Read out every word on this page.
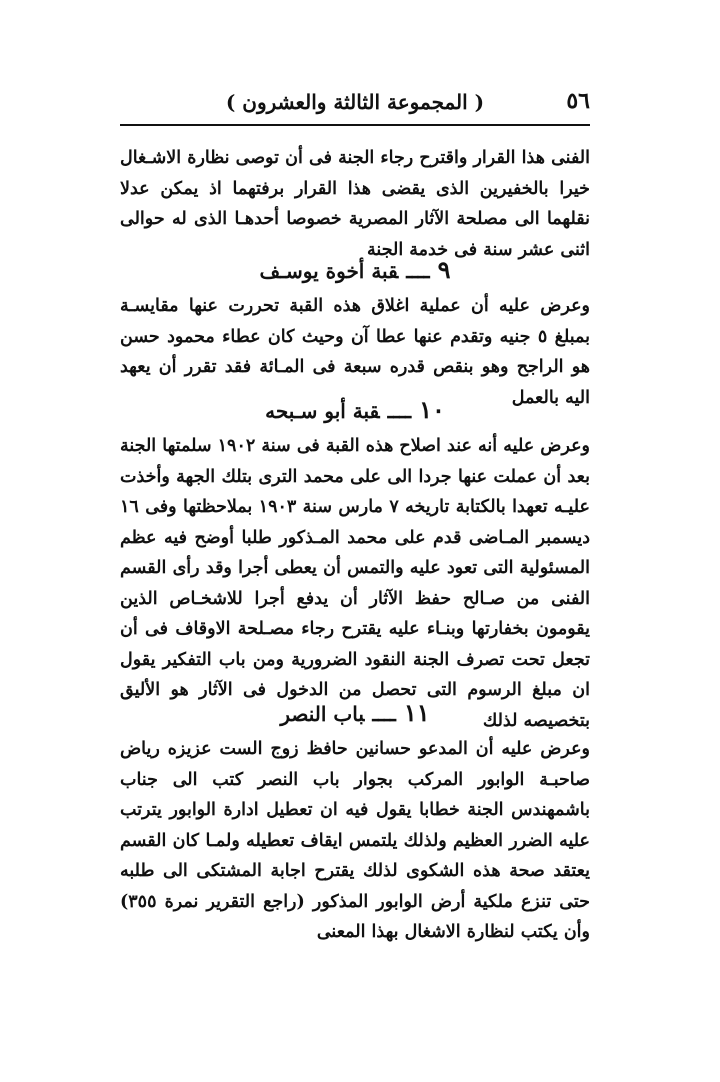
٥٦
( المجموعة الثالثة والعشرون )

الفنى هذا القرار واقترح رجاء الجنة فى أن توصى نظارة الاشـغال خيرا بالخفيرين الذى يقضى هذا القرار برفتهما اذ يمكن عدلا نقلهما الى مصلحة الآثار المصرية خصوصا أحدهـا الذى له حوالى اثنى عشر سنة فى خدمة الجنة

٩ــــقبة أخوة يوسـف

وعرض عليه أن عملية اغلاق هذه القبة تحررت عنها مقايسـة بمبلغ ٥ جنيه وتقدم عنها عطا آن وحيث كان عطاء محمود حسن هو الراجح وهو بنقص قدره سبعة فى المـائة فقد تقرر أن يعهد اليه بالعمل

١٠ــــقبة أبو سـبحه

وعرض عليه أنه عند اصلاح هذه القبة فى سنة ١٩٠٢ سلمتها الجنة بعد أن عملت عنها جردا الى على محمد الترى بتلك الجهة وأخذت عليـه تعهدا بالكتابة تاريخه ٧ مارس سنة ١٩٠٣ بملاحظتها وفى ١٦ ديسمبر المـاضى قدم على محمد المـذكور طلبا أوضح فيه عظم المسئولية التى تعود عليه والتمس أن يعطى أجرا وقد رأى القسم الفنى من صـالح حفظ الآثار أن يدفع أجرا للاشخـاص الذين يقومون بخفارتها وبنـاء عليه يقترح رجاء مصـلحة الاوقاف فى أن تجعل تحت تصرف الجنة النقود الضرورية ومن باب التفكير يقول ان مبلغ الرسوم التى تحصل من الدخول فى الآثار هو الأليق بتخصيصه لذلك

١١ــــباب النصر

وعرض عليه أن المدعو حسانين حافظ زوج الست عزيزه رياض صاحبـة الوابور المركب بجوار باب النصر كتب الى جناب باشمهندس الجنة خطابا يقول فيه ان تعطيل ادارة الوابور يترتب عليه الضرر العظيم ولذلك يلتمس ايقاف تعطيله ولمـا كان القسم يعتقد صحة هذه الشكوى لذلك يقترح اجابة المشتكى الى طلبه حتى تنزع ملكية أرض الوابور المذكور (راجع التقرير نمرة ٣٥٥) وأن يكتب لنظارة الاشغال بهذا المعنى
